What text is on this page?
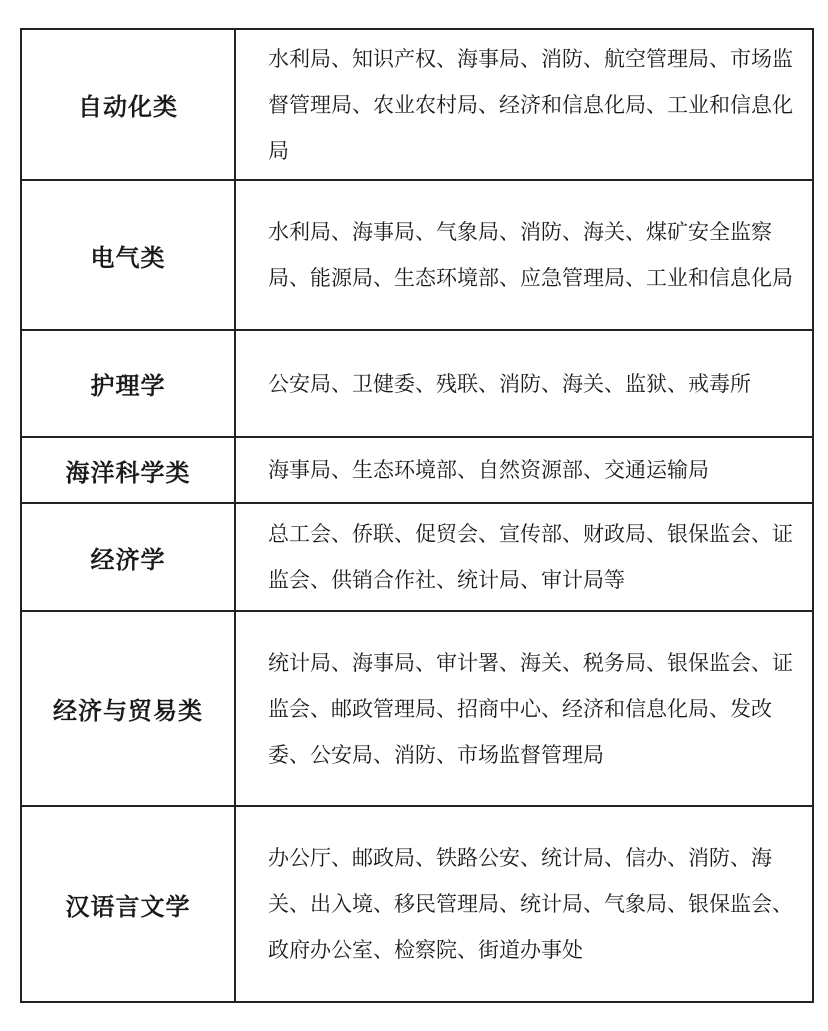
自动化类	水利局、知识产权、海事局、消防、航空管理局、市场监督管理局、农业农村局、经济和信息化局、工业和信息化局
电气类	水利局、海事局、气象局、消防、海关、煤矿安全监察局、能源局、生态环境部、应急管理局、工业和信息化局
护理学	公安局、卫健委、残联、消防、海关、监狱、戒毒所
海洋科学类	海事局、生态环境部、自然资源部、交通运输局
经济学	总工会、侨联、促贸会、宣传部、财政局、银保监会、证监会、供销合作社、统计局、审计局等
经济与贸易类	统计局、海事局、审计署、海关、税务局、银保监会、证监会、邮政管理局、招商中心、经济和信息化局、发改委、公安局、消防、市场监督管理局
汉语言文学	办公厅、邮政局、铁路公安、统计局、信办、消防、海关、出入境、移民管理局、统计局、气象局、银保监会、政府办公室、检察院、街道办事处
